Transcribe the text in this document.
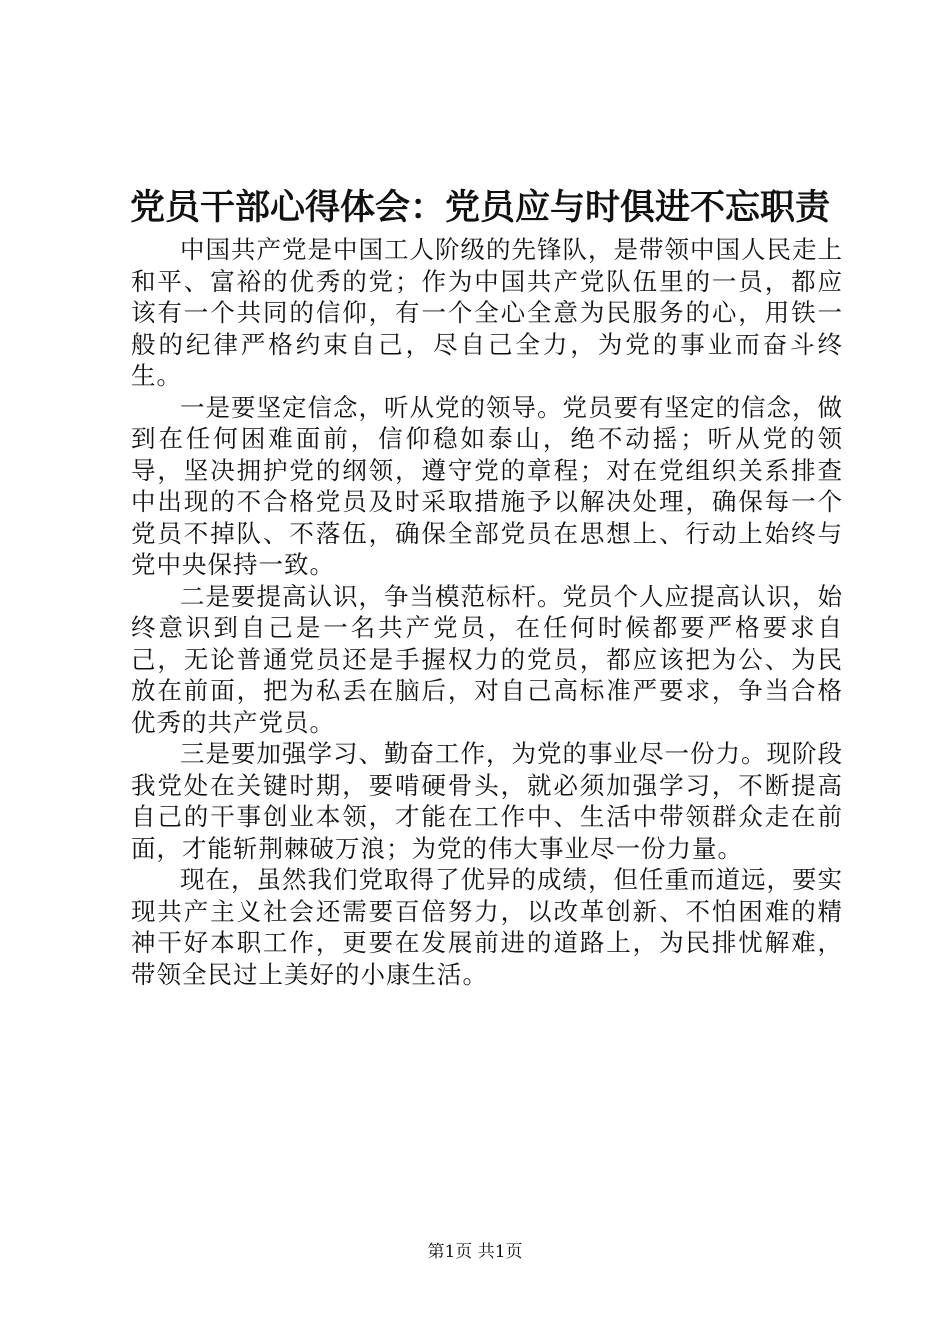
党员干部心得体会：党员应与时俱进不忘职责

中国共产党是中国工人阶级的先锋队，是带领中国人民走上和平、富裕的优秀的党；作为中国共产党队伍里的一员，都应该有一个共同的信仰，有一个全心全意为民服务的心，用铁一般的纪律严格约束自己，尽自己全力，为党的事业而奋斗终生。

一是要坚定信念，听从党的领导。党员要有坚定的信念，做到在任何困难面前，信仰稳如泰山，绝不动摇；听从党的领导，坚决拥护党的纲领，遵守党的章程；对在党组织关系排查中出现的不合格党员及时采取措施予以解决处理，确保每一个党员不掉队、不落伍，确保全部党员在思想上、行动上始终与党中央保持一致。

二是要提高认识，争当模范标杆。党员个人应提高认识，始终意识到自己是一名共产党员，在任何时候都要严格要求自己，无论普通党员还是手握权力的党员，都应该把为公、为民放在前面，把为私丢在脑后，对自己高标准严要求，争当合格优秀的共产党员。

三是要加强学习、勤奋工作，为党的事业尽一份力。现阶段我党处在关键时期，要啃硬骨头，就必须加强学习，不断提高自己的干事创业本领，才能在工作中、生活中带领群众走在前面，才能斩荆棘破万浪；为党的伟大事业尽一份力量。

现在，虽然我们党取得了优异的成绩，但任重而道远，要实现共产主义社会还需要百倍努力，以改革创新、不怕困难的精神干好本职工作，更要在发展前进的道路上，为民排忧解难，带领全民过上美好的小康生活。

第1页 共1页
